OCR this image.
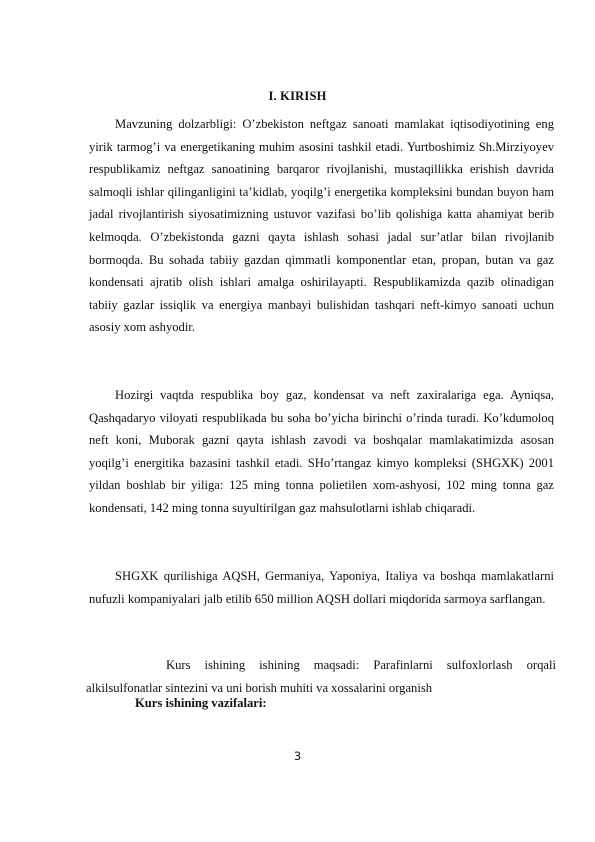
I. KIRISH

Mavzuning dolzarbligi: O’zbekiston neftgaz sanoati mamlakat iqtisodiyotining eng yirik tarmog’i va energetikaning muhim asosini tashkil etadi. Yurtboshimiz Sh.Mirziyoyev respublikamiz neftgaz sanoatining barqaror rivojlanishi, mustaqillikka erishish davrida salmoqli ishlar qilinganligini ta’kidlab, yoqilg’i energetika kompleksini bundan buyon ham jadal rivojlantirish siyosatimizning ustuvor vazifasi bo’lib qolishiga katta ahamiyat berib kelmoqda. O’zbekistonda gazni qayta ishlash sohasi jadal sur’atlar bilan rivojlanib bormoqda. Bu sohada tabiiy gazdan qimmatli komponentlar etan, propan, butan va gaz kondensati ajratib olish ishlari amalga oshirilayapti. Respublikamizda qazib olinadigan tabiiy gazlar issiqlik va energiya manbayi bulishidan tashqari neft-kimyo sanoati uchun asosiy xom ashyodir.

Hozirgi vaqtda respublika boy gaz, kondensat va neft zaxiralariga ega. Ayniqsa, Qashqadaryo viloyati respublikada bu soha bo’yicha birinchi o’rinda turadi. Ko’kdumoloq neft koni, Muborak gazni qayta ishlash zavodi va boshqalar mamlakatimizda asosan yoqilg’i energitika bazasini tashkil etadi. SHo’rtangaz kimyo kompleksi (SHGXK) 2001 yildan boshlab bir yiliga: 125 ming tonna polietilen xom-ashyosi, 102 ming tonna gaz kondensati, 142 ming tonna suyultirilgan gaz mahsulotlarni ishlab chiqaradi.

SHGXK qurilishiga AQSH, Germaniya, Yaponiya, Italiya va boshqa mamlakatlarni nufuzli kompaniyalari jalb etilib 650 million AQSH dollari miqdorida sarmoya sarflangan.

Kurs ishining ishining maqsadi: Parafinlarni sulfoxlorlash orqali alkilsulfonatlar sintezini va uni borish muhiti va xossalarini organish

Kurs ishining vazifalari:
3
